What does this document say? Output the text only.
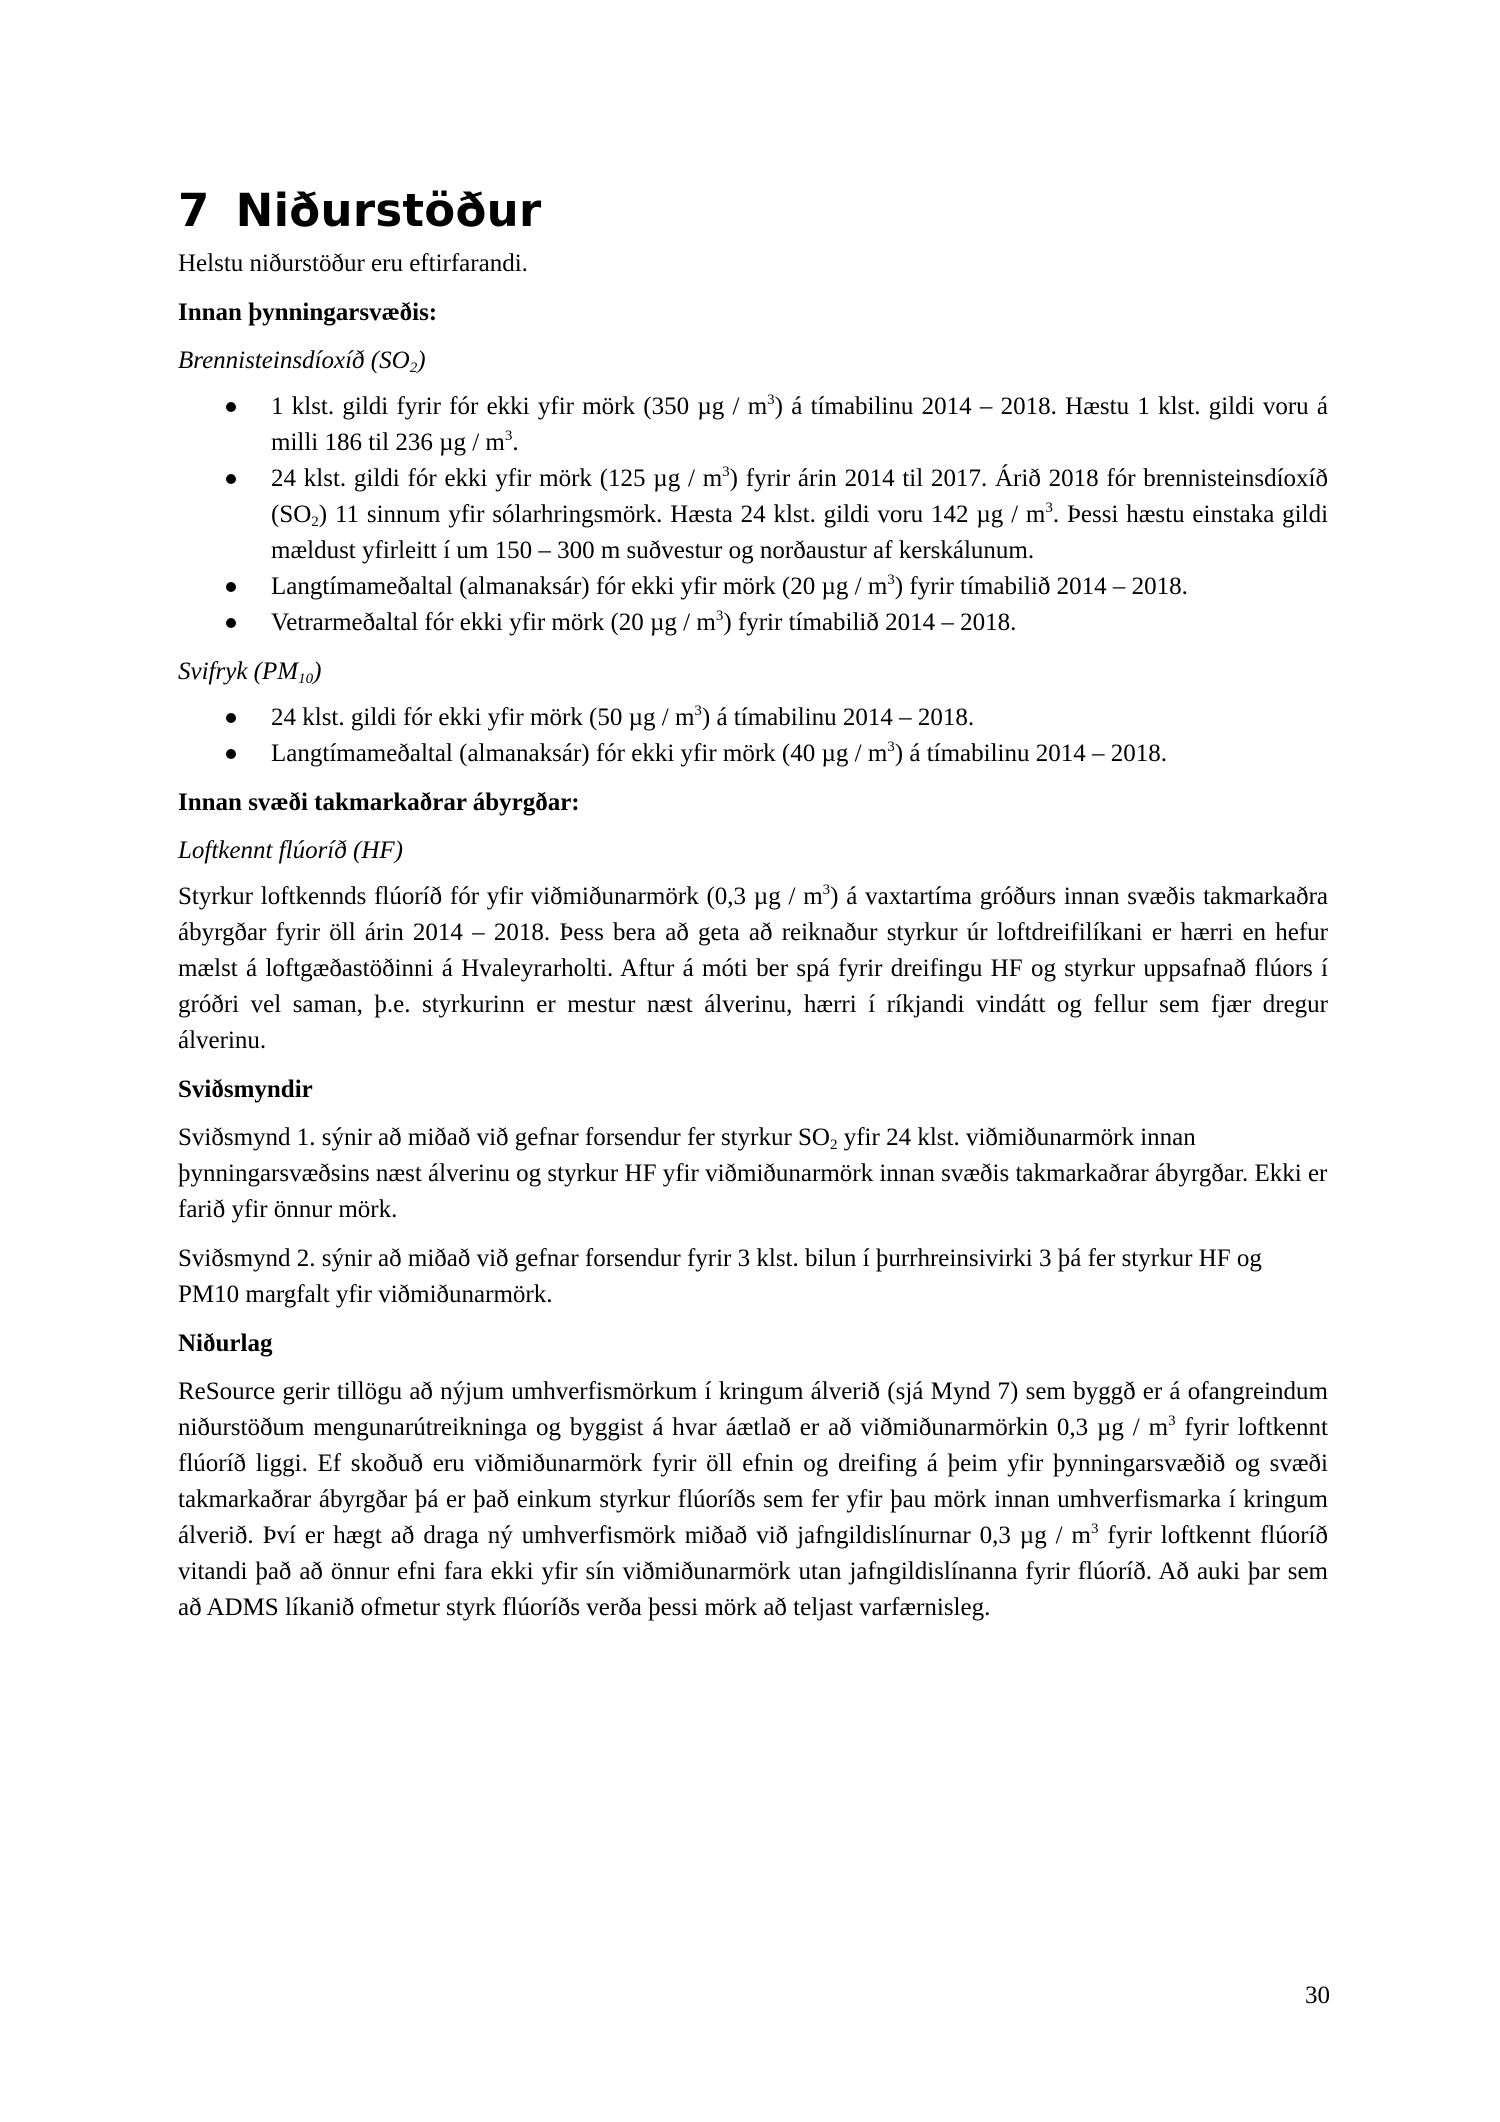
7 Niðurstöður

Helstu niðurstöður eru eftirfarandi.

Innan þynningarsvæðis:

Brennisteinsdíoxíð $(SO_2)$

1 klst. gildi fyrir fór ekki yfir mörk (350 µg / $m^3$) á tímabilinu 2014 – 2018. Hæstu 1 klst. gildi voru á milli 186 til 236 µg / $m^3$.
24 klst. gildi fór ekki yfir mörk (125 µg / $m^3$) fyrir árin 2014 til 2017. Árið 2018 fór brennisteinsdíoxíð $(SO_2)$ 11 sinnum yfir sólarhringsmörk. Hæsta 24 klst. gildi voru 142 µg / $m^3$. Þessi hæstu einstaka gildi mældust yfirleitt í um 150 – 300 m suðvestur og norðaustur af kerskálunum.
Langtímameðaltal (almanaksár) fór ekki yfir mörk (20 µg / $m^3$) fyrir tímabilið 2014 – 2018.
Vetrarmeðaltal fór ekki yfir mörk (20 µg / $m^3$) fyrir tímabilið 2014 – 2018.

Svifryk $(PM_{10})$

24 klst. gildi fór ekki yfir mörk (50 µg / $m^3$) á tímabilinu 2014 – 2018.
Langtímameðaltal (almanaksár) fór ekki yfir mörk (40 µg / $m^3$) á tímabilinu 2014 – 2018.

Innan svæði takmarkaðrar ábyrgðar:

Loftkennt flúoríð (HF)

Styrkur loftkennds flúoríð fór yfir viðmiðunarmörk (0,3 µg / $m^3$) á vaxtartíma gróðurs innan svæðis takmarkaðra ábyrgðar fyrir öll árin 2014 – 2018. Þess bera að geta að reiknaður styrkur úr loftdreifilíkani er hærri en hefur mælst á loftgæðastöðinni á Hvaleyrarholti. Aftur á móti ber spá fyrir dreifingu HF og styrkur uppsafnað flúors í gróðri vel saman, þ.e. styrkurinn er mestur næst álverinu, hærri í ríkjandi vindátt og fellur sem fjær dregur álverinu.

Sviðsmyndir

Sviðsmynd 1. sýnir að miðað við gefnar forsendur fer styrkur $SO_2$ yfir 24 klst. viðmiðunarmörk innan þynningarsvæðsins næst álverinu og styrkur HF yfir viðmiðunarmörk innan svæðis takmarkaðrar ábyrgðar. Ekki er farið yfir önnur mörk.

Sviðsmynd 2. sýnir að miðað við gefnar forsendur fyrir 3 klst. bilun í þurrhreinsivirki 3 þá fer styrkur HF og PM10 margfalt yfir viðmiðunarmörk.

Niðurlag

ReSource gerir tillögu að nýjum umhverfismörkum í kringum álverið (sjá Mynd 7) sem byggð er á ofangreindum niðurstöðum mengunarútreikninga og byggist á hvar áætlað er að viðmiðunarmörkin 0,3 µg / $m^3$ fyrir loftkennt flúoríð liggi. Ef skoðuð eru viðmiðunarmörk fyrir öll efnin og dreifing á þeim yfir þynningarsvæðið og svæði takmarkaðrar ábyrgðar þá er það einkum styrkur flúoríðs sem fer yfir þau mörk innan umhverfismarka í kringum álverið. Því er hægt að draga ný umhverfismörk miðað við jafngildislínurnar 0,3 µg / $m^3$ fyrir loftkennt flúoríð vitandi það að önnur efni fara ekki yfir sín viðmiðunarmörk utan jafngildislínanna fyrir flúoríð. Að auki þar sem að ADMS líkanið ofmetur styrk flúoríðs verða þessi mörk að teljast varfærnisleg.

30
